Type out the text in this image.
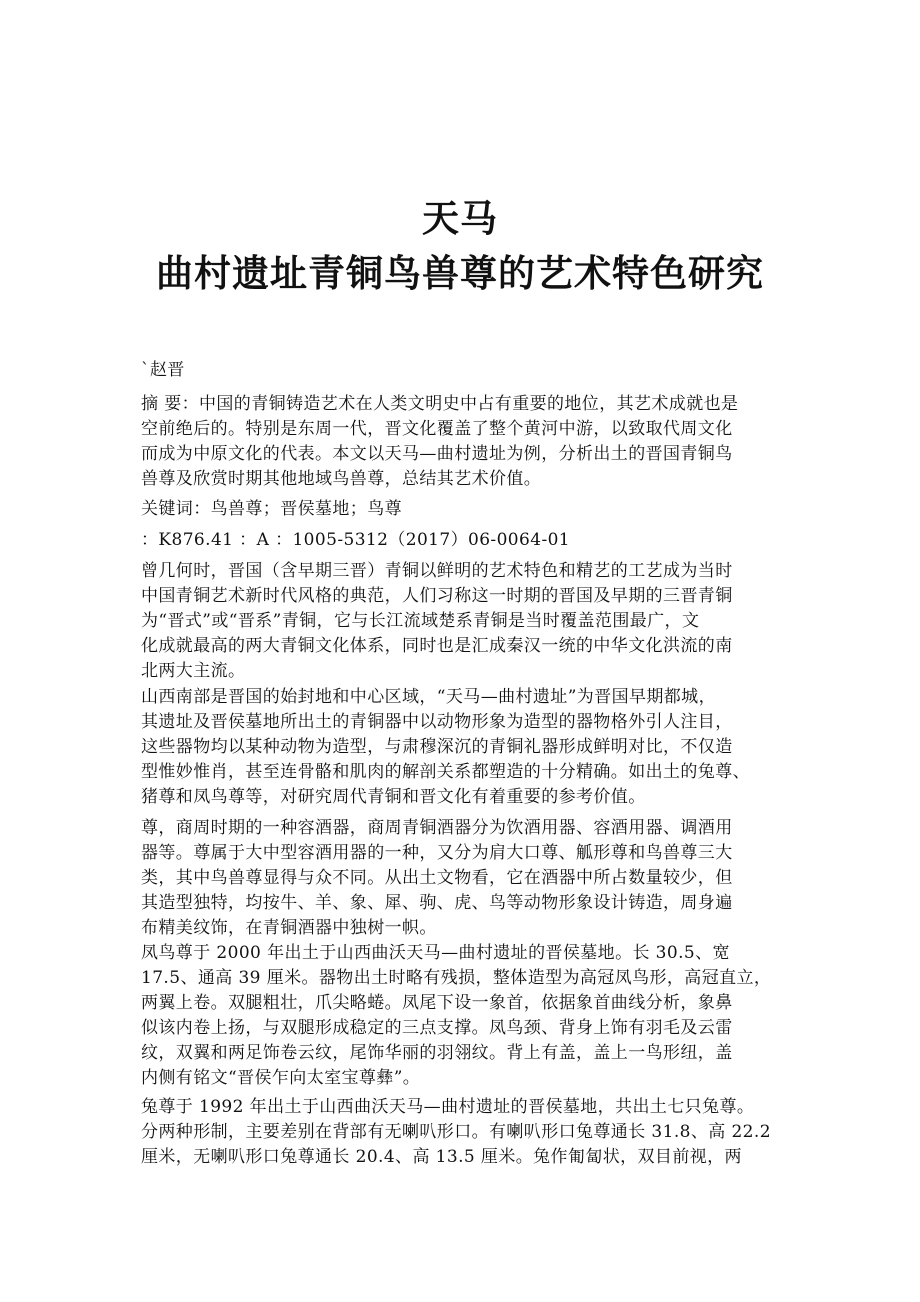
天马
曲村遗址青铜鸟兽尊的艺术特色研究
`赵晋
摘 要：中国的青铜铸造艺术在人类文明史中占有重要的地位，其艺术成就也是
空前绝后的。特别是东周一代，晋文化覆盖了整个黄河中游，以致取代周文化
而成为中原文化的代表。本文以天马—曲村遗址为例，分析出土的晋国青铜鸟
兽尊及欣赏时期其他地域鸟兽尊，总结其艺术价值。
关键词：鸟兽尊；晋侯墓地；鸟尊
：K876.41 ：A ：1005-5312（2017）06-0064-01
曾几何时，晋国（含早期三晋）青铜以鲜明的艺术特色和精艺的工艺成为当时
中国青铜艺术新时代风格的典范，人们习称这一时期的晋国及早期的三晋青铜
为“晋式”或“晋系”青铜，它与长江流域楚系青铜是当时覆盖范围最广，文
化成就最高的两大青铜文化体系，同时也是汇成秦汉一统的中华文化洪流的南
北两大主流。
山西南部是晋国的始封地和中心区域，“天马—曲村遗址”为晋国早期都城，
其遗址及晋侯墓地所出土的青铜器中以动物形象为造型的器物格外引人注目，
这些器物均以某种动物为造型，与肃穆深沉的青铜礼器形成鲜明对比，不仅造
型惟妙惟肖，甚至连骨骼和肌肉的解剖关系都塑造的十分精确。如出土的兔尊、
猪尊和凤鸟尊等，对研究周代青铜和晋文化有着重要的参考价值。
尊，商周时期的一种容酒器，商周青铜酒器分为饮酒用器、容酒用器、调酒用
器等。尊属于大中型容酒用器的一种，又分为肩大口尊、觚形尊和鸟兽尊三大
类，其中鸟兽尊显得与众不同。从出土文物看，它在酒器中所占数量较少，但
其造型独特，均按牛、羊、象、犀、驹、虎、鸟等动物形象设计铸造，周身遍
布精美纹饰，在青铜酒器中独树一帜。
凤鸟尊于 2000 年出土于山西曲沃天马—曲村遗址的晋侯墓地。长 30.5、宽
17.5、通高 39 厘米。器物出土时略有残损，整体造型为高冠凤鸟形，高冠直立，
两翼上卷。双腿粗壮，爪尖略蜷。凤尾下设一象首，依据象首曲线分析，象鼻
似该内卷上扬，与双腿形成稳定的三点支撑。凤鸟颈、背身上饰有羽毛及云雷
纹，双翼和两足饰卷云纹，尾饰华丽的羽翎纹。背上有盖，盖上一鸟形纽，盖
内侧有铭文“晋侯乍向太室宝尊彝”。
兔尊于 1992 年出土于山西曲沃天马—曲村遗址的晋侯墓地，共出土七只兔尊。
分两种形制，主要差别在背部有无喇叭形口。有喇叭形口兔尊通长 31.8、高 22.2
厘米，无喇叭形口兔尊通长 20.4、高 13.5 厘米。兔作匍匐状，双目前视，两
